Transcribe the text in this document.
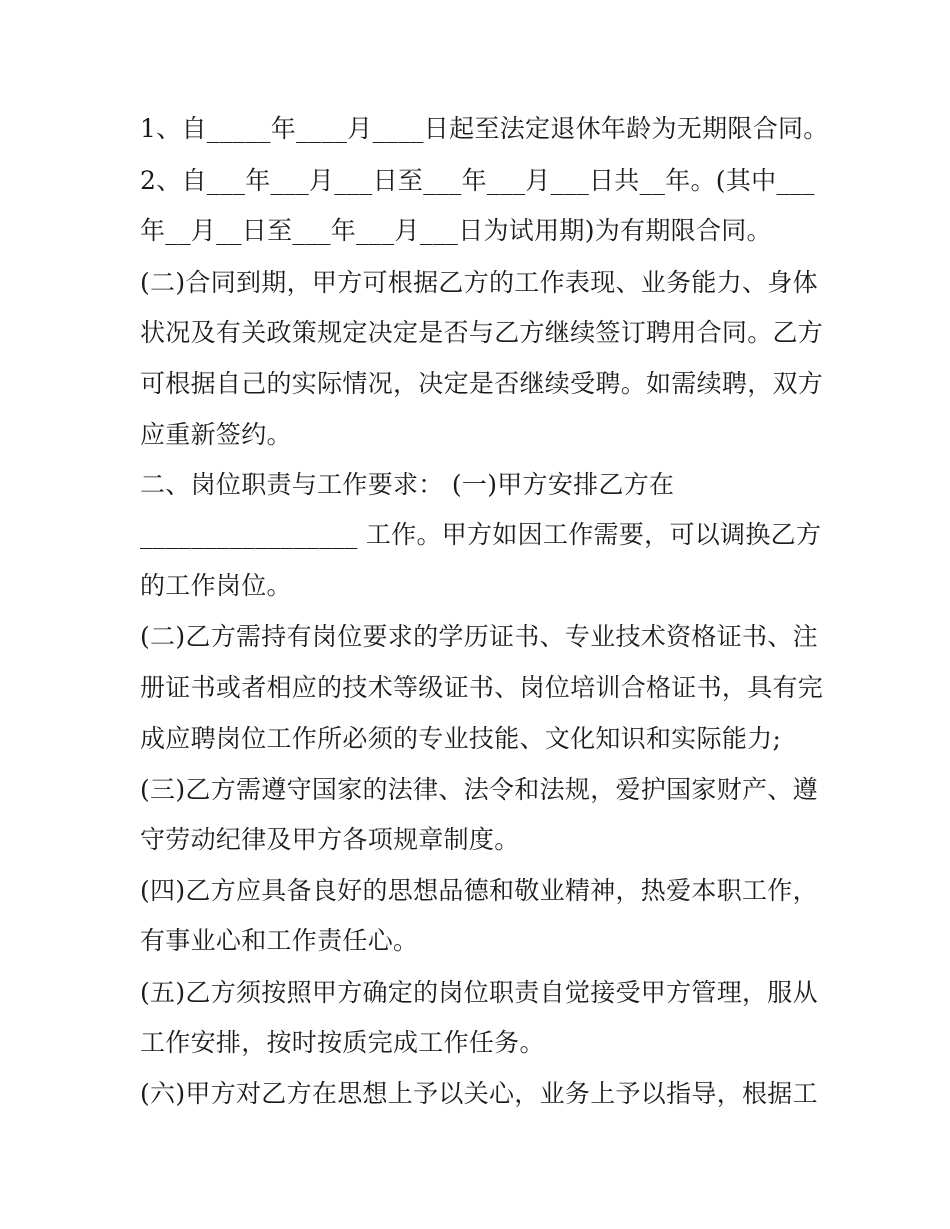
1、自_____年____月____日起至法定退休年龄为无期限合同。
2、自___年___月___日至___年___月___日共__年。(其中___
年__月__日至___年___月___日为试用期)为有期限合同。
(二)合同到期，甲方可根据乙方的工作表现、业务能力、身体
状况及有关政策规定决定是否与乙方继续签订聘用合同。乙方
可根据自己的实际情况，决定是否继续受聘。如需续聘，双方
应重新签约。
二、岗位职责与工作要求： (一)甲方安排乙方在
_________________ 工作。甲方如因工作需要，可以调换乙方
的工作岗位。
(二)乙方需持有岗位要求的学历证书、专业技术资格证书、注
册证书或者相应的技术等级证书、岗位培训合格证书，具有完
成应聘岗位工作所必须的专业技能、文化知识和实际能力;
(三)乙方需遵守国家的法律、法令和法规，爱护国家财产、遵
守劳动纪律及甲方各项规章制度。
(四)乙方应具备良好的思想品德和敬业精神，热爱本职工作，
有事业心和工作责任心。
(五)乙方须按照甲方确定的岗位职责自觉接受甲方管理，服从
工作安排，按时按质完成工作任务。
(六)甲方对乙方在思想上予以关心，业务上予以指导，根据工
